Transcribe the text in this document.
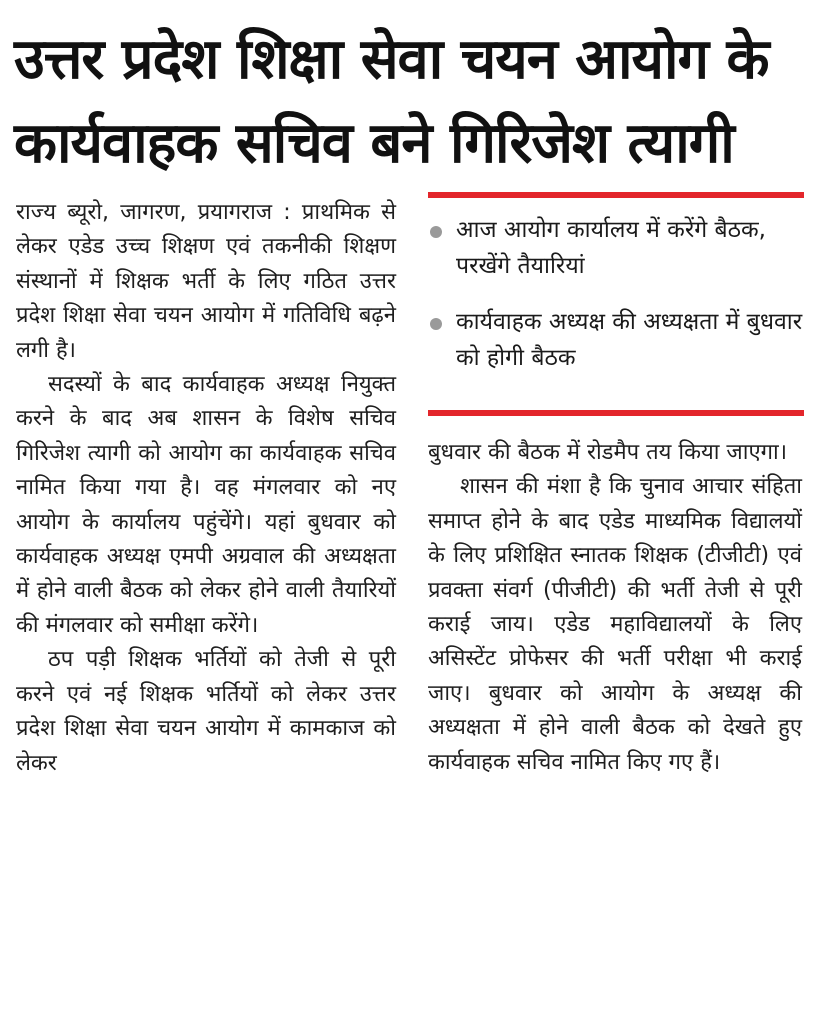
उत्तर प्रदेश शिक्षा सेवा चयन आयोग के
कार्यवाहक सचिव बने गिरिजेश त्यागी

राज्य ब्यूरो, जागरण, प्रयागराज : प्राथमिक से लेकर एडेड उच्च शिक्षण एवं तकनीकी शिक्षण संस्थानों में शिक्षक भर्ती के लिए गठित उत्तर प्रदेश शिक्षा सेवा चयन आयोग में गतिविधि बढ़ने लगी है।

सदस्यों के बाद कार्यवाहक अध्यक्ष नियुक्त करने के बाद अब शासन के विशेष सचिव गिरिजेश त्यागी को आयोग का कार्यवाहक सचिव नामित किया गया है। वह मंगलवार को नए आयोग के कार्यालय पहुंचेंगे। यहां बुधवार को कार्यवाहक अध्यक्ष एमपी अग्रवाल की अध्यक्षता में होने वाली बैठक को लेकर होने वाली तैयारियों की मंगलवार को समीक्षा करेंगे।

ठप पड़ी शिक्षक भर्तियों को तेजी से पूरी करने एवं नई शिक्षक भर्तियों को लेकर उत्तर प्रदेश शिक्षा सेवा चयन आयोग में कामकाज को लेकर

आज आयोग कार्यालय में करेंगे बैठक, परखेंगे तैयारियां
कार्यवाहक अध्यक्ष की अध्यक्षता में बुधवार को होगी बैठक

बुधवार की बैठक में रोडमैप तय किया जाएगा।

शासन की मंशा है कि चुनाव आचार संहिता समाप्त होने के बाद एडेड माध्यमिक विद्यालयों के लिए प्रशिक्षित स्नातक शिक्षक (टीजीटी) एवं प्रवक्ता संवर्ग (पीजीटी) की भर्ती तेजी से पूरी कराई जाय। एडेड महाविद्यालयों के लिए असिस्टेंट प्रोफेसर की भर्ती परीक्षा भी कराई जाए। बुधवार को आयोग के अध्यक्ष की अध्यक्षता में होने वाली बैठक को देखते हुए कार्यवाहक सचिव नामित किए गए हैं।
